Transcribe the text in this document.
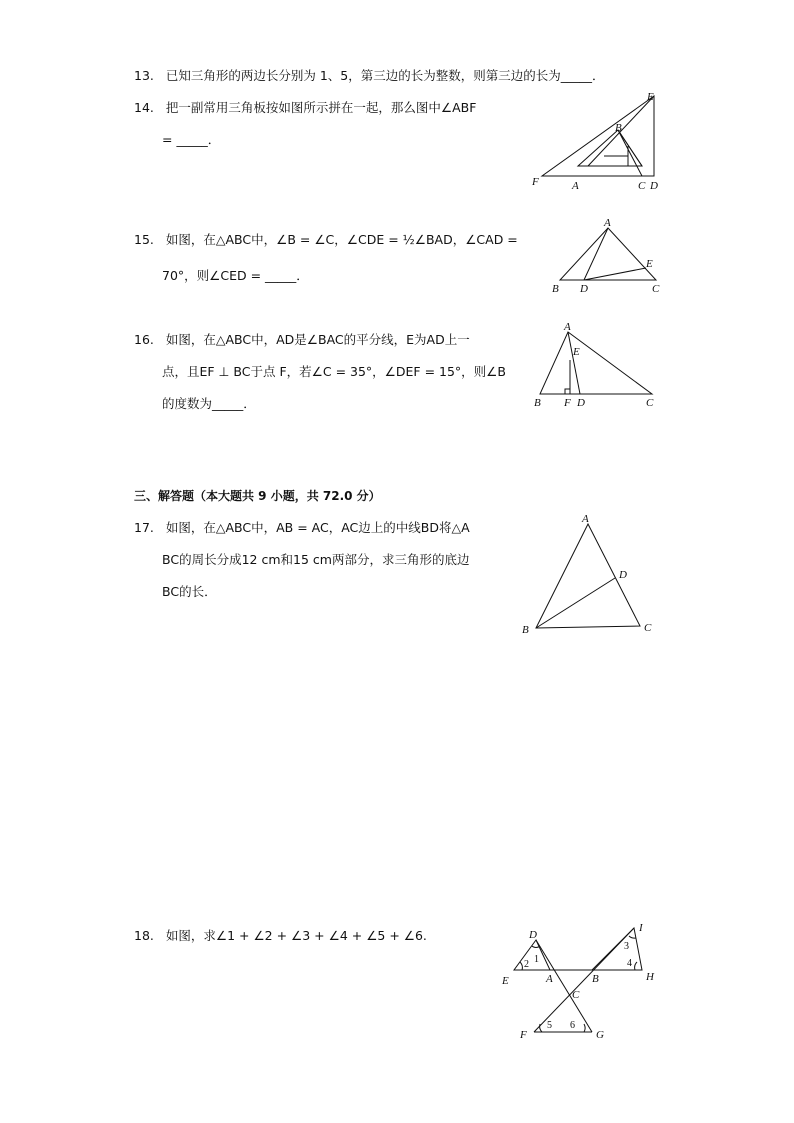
13. 已知三角形的两边长分别为 1、5，第三边的长为整数，则第三边的长为_____．
14. 把一副常用三角板按如图所示拼在一起，那么图中∠ABF
= _____．
E
B
F	A	C D
15. 如图，在△ABC中，∠B = ∠C，∠CDE = ½∠BAD，∠CAD =
70°，则∠CED = _____．
A
E
B D	C
16. 如图，在△ABC中，AD是∠BAC的平分线，E为AD上一
点，且EF ⊥ BC于点 F，若∠C = 35°，∠DEF = 15°，则∠B
的度数为_____．
A
E
B F D	C
三、解答题（本大题共 9 小题，共 72.0 分）
17. 如图，在△ABC中，AB = AC，AC边上的中线BD将△A
BC的周长分成12 cm和15 cm两部分，求三角形的底边
BC的长．
A
D
B	C
18. 如图，求∠1 + ∠2 + ∠3 + ∠4 + ∠5 + ∠6.	D
I
3
1
2	4
E	A	B	H
C
F
5 6
G
